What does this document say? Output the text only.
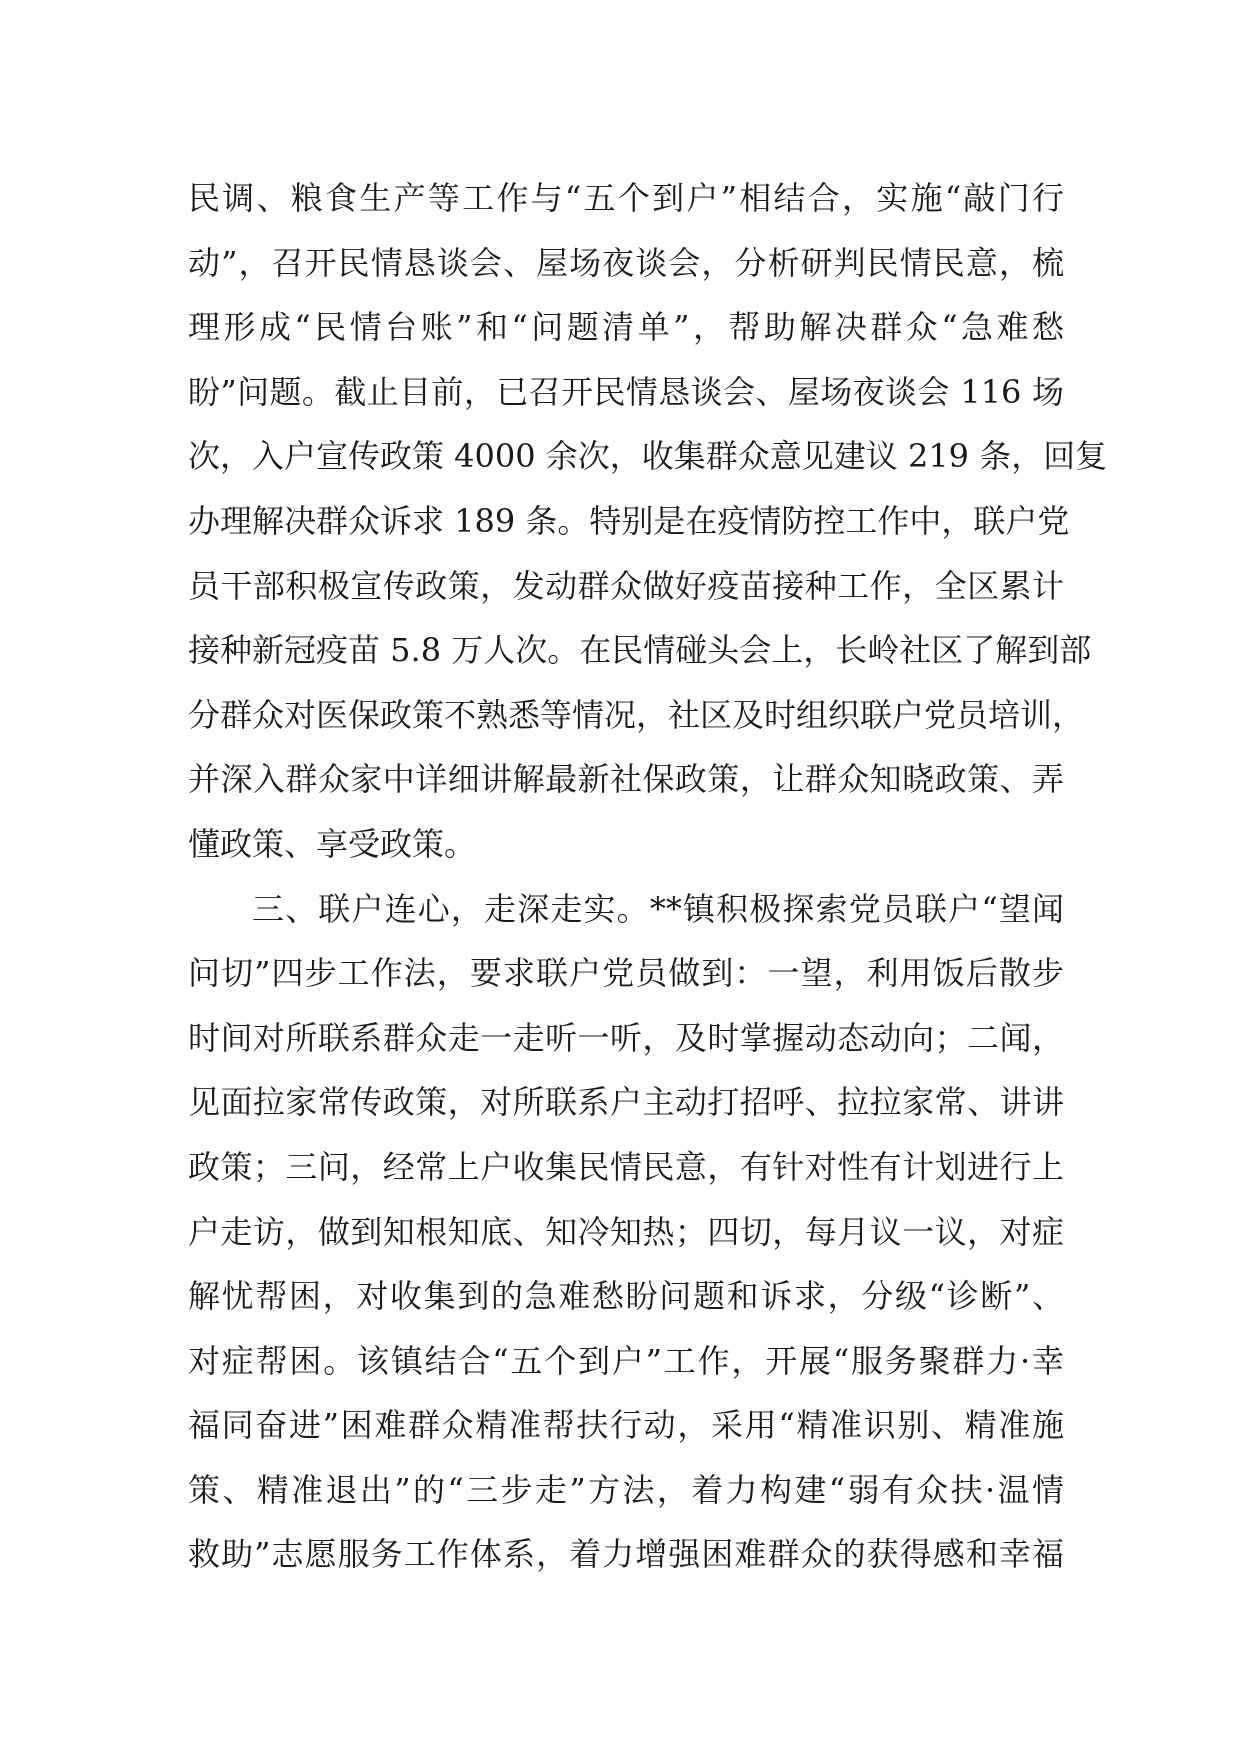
民调、粮食生产等工作与“五个到户”相结合，实施“敲门行
动”，召开民情恳谈会、屋场夜谈会，分析研判民情民意，梳
理形成“民情台账”和“问题清单”，帮助解决群众“急难愁
盼”问题。截止目前，已召开民情恳谈会、屋场夜谈会 116 场
次，入户宣传政策 4000 余次，收集群众意见建议 219 条，回复
办理解决群众诉求 189 条。特别是在疫情防控工作中，联户党
员干部积极宣传政策，发动群众做好疫苗接种工作，全区累计
接种新冠疫苗 5.8 万人次。在民情碰头会上，长岭社区了解到部
分群众对医保政策不熟悉等情况，社区及时组织联户党员培训，
并深入群众家中详细讲解最新社保政策，让群众知晓政策、弄
懂政策、享受政策。
三、联户连心，走深走实。**镇积极探索党员联户“望闻
问切”四步工作法，要求联户党员做到：一望，利用饭后散步
时间对所联系群众走一走听一听，及时掌握动态动向；二闻，
见面拉家常传政策，对所联系户主动打招呼、拉拉家常、讲讲
政策；三问，经常上户收集民情民意，有针对性有计划进行上
户走访，做到知根知底、知冷知热；四切，每月议一议，对症
解忧帮困，对收集到的急难愁盼问题和诉求，分级“诊断”、
对症帮困。该镇结合“五个到户”工作，开展“服务聚群力·幸
福同奋进”困难群众精准帮扶行动，采用“精准识别、精准施
策、精准退出”的“三步走”方法，着力构建“弱有众扶·温情
救助”志愿服务工作体系，着力增强困难群众的获得感和幸福
